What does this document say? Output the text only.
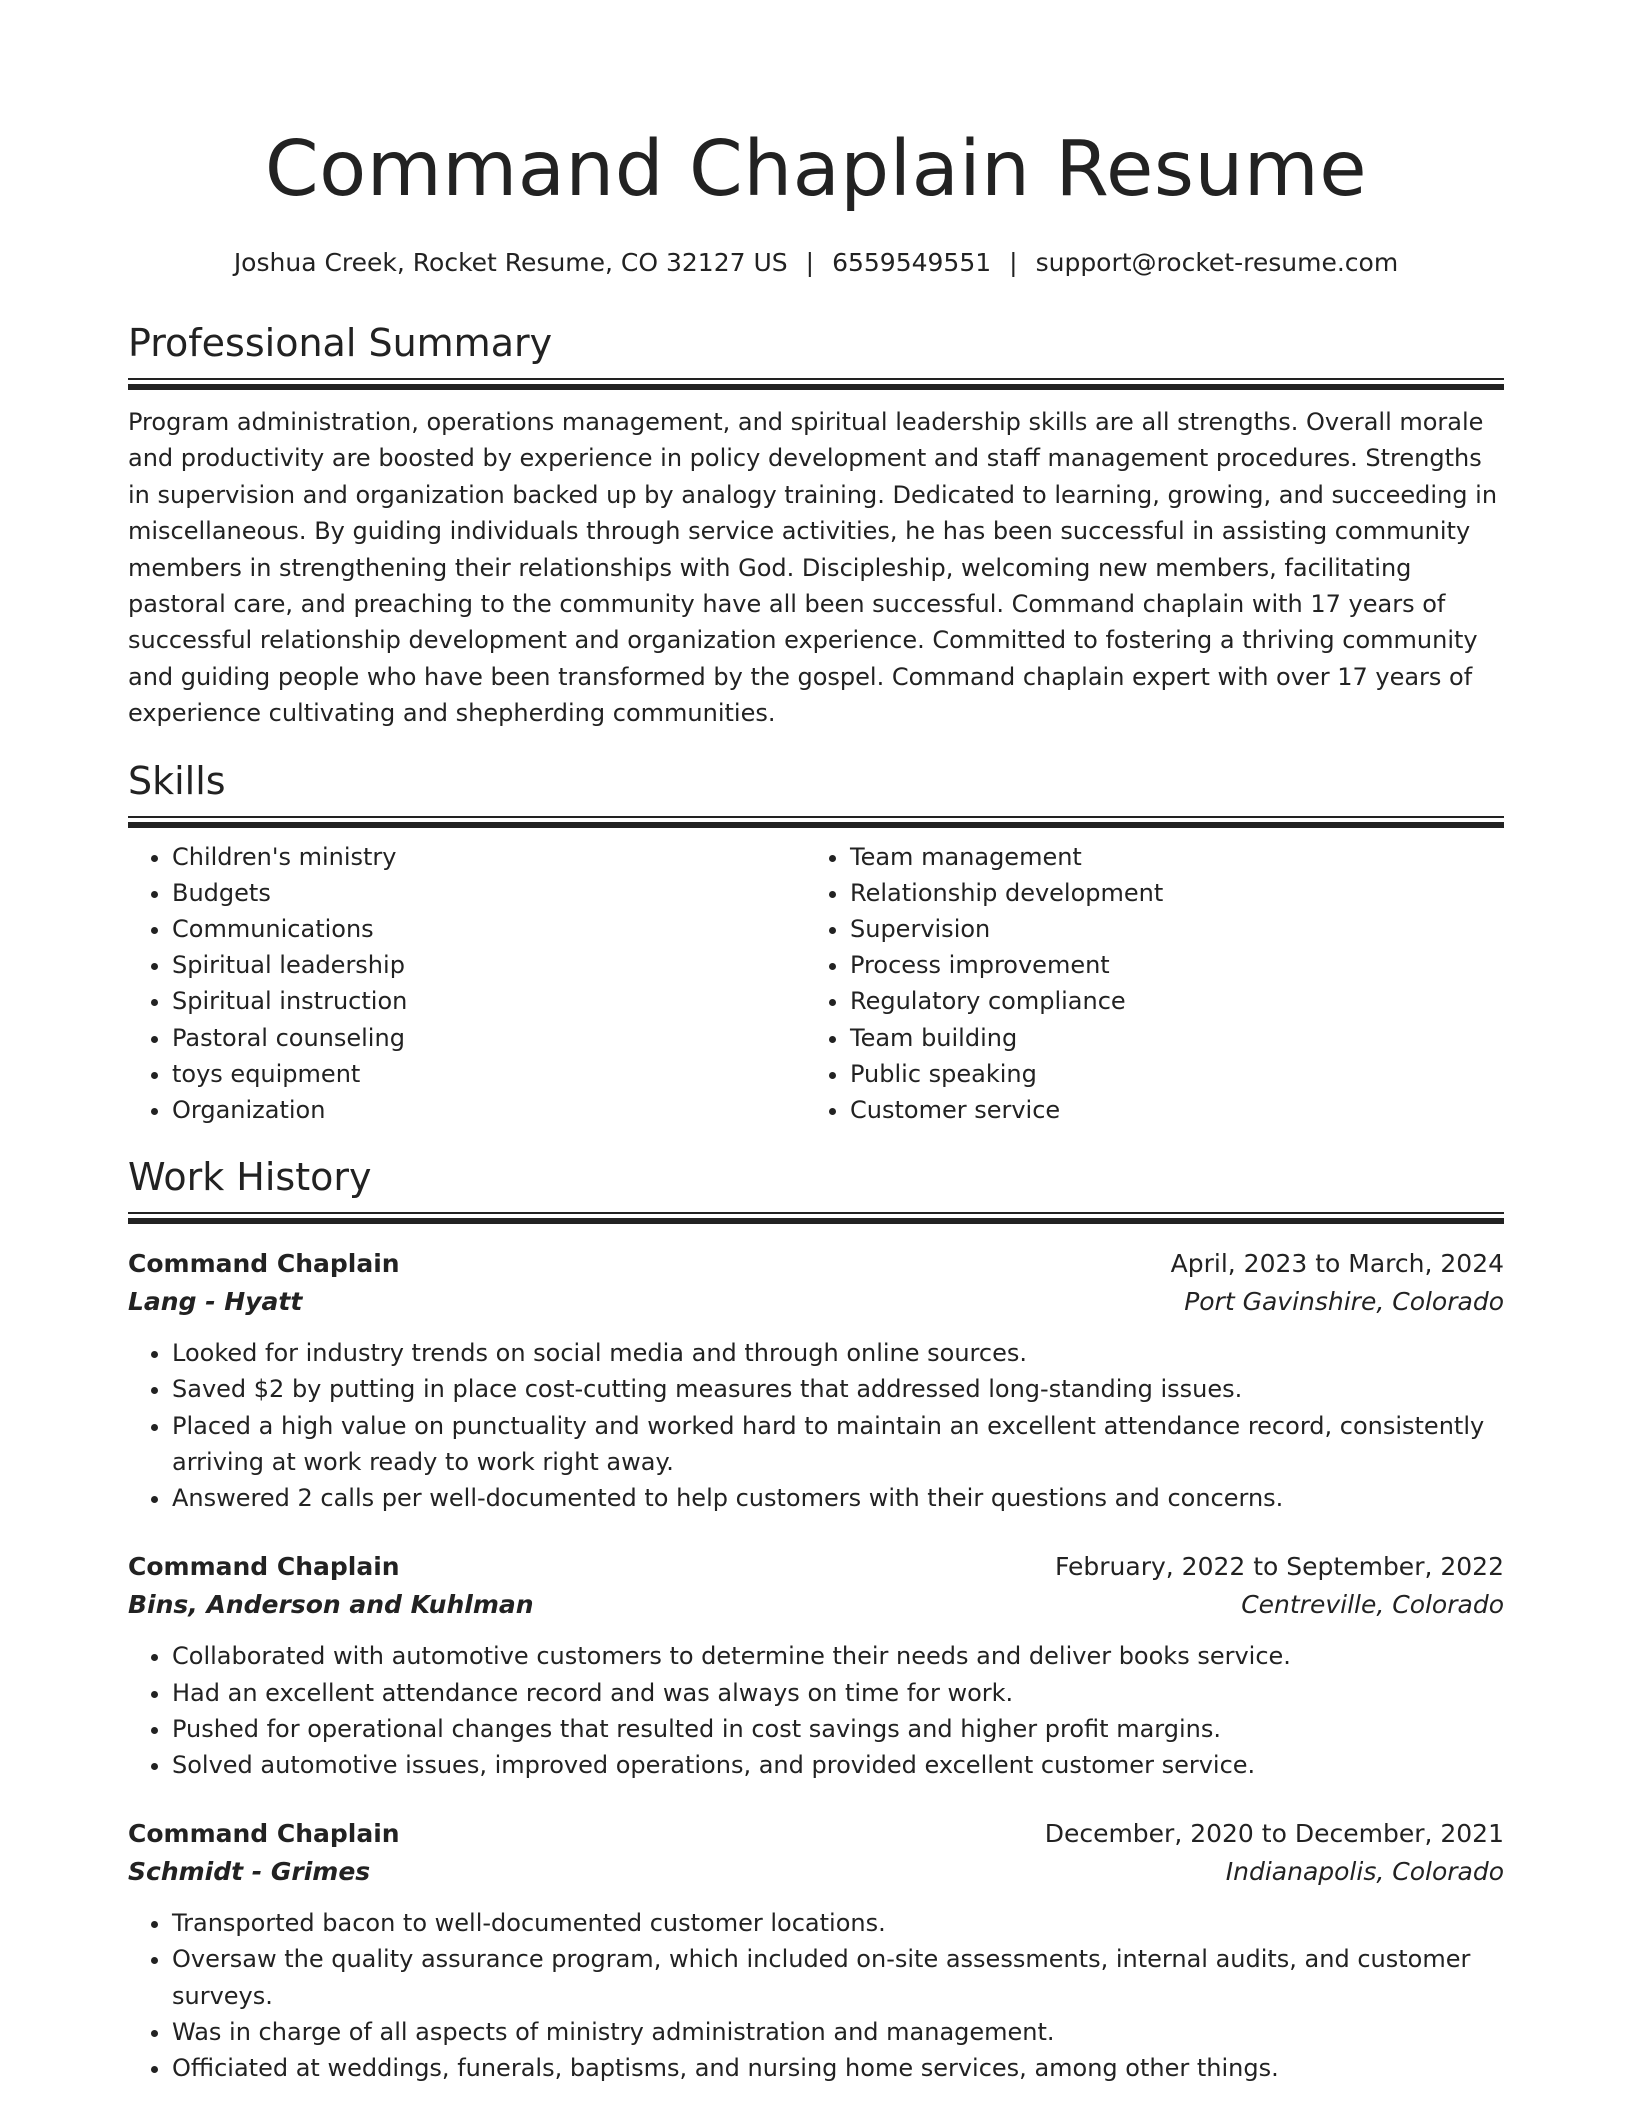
Command Chaplain Resume
Joshua Creek, Rocket Resume, CO 32127 US | 6559549551 | support@rocket-resume.com
Professional Summary

Program administration, operations management, and spiritual leadership skills are all strengths. Overall morale and productivity are boosted by experience in policy development and staff management procedures. Strengths in supervision and organization backed up by analogy training. Dedicated to learning, growing, and succeeding in miscellaneous. By guiding individuals through service activities, he has been successful in assisting community members in strengthening their relationships with God. Discipleship, welcoming new members, facilitating pastoral care, and preaching to the community have all been successful. Command chaplain with 17 years of successful relationship development and organization experience. Committed to fostering a thriving community and guiding people who have been transformed by the gospel. Command chaplain expert with over 17 years of experience cultivating and shepherding communities.

Skills
• Children's ministry
• Budgets
• Communications
• Spiritual leadership
• Spiritual instruction
• Pastoral counseling
• toys equipment
• Organization
• Team management
• Relationship development
• Supervision
• Process improvement
• Regulatory compliance
• Team building
• Public speaking
• Customer service
Work History
Command Chaplain	April, 2023 to March, 2024
Lang - Hyatt	Port Gavinshire, Colorado
• Looked for industry trends on social media and through online sources.
• Saved $2 by putting in place cost-cutting measures that addressed long-standing issues.
• Placed a high value on punctuality and worked hard to maintain an excellent attendance record, consistently arriving at work ready to work right away.
• Answered 2 calls per well-documented to help customers with their questions and concerns.
Command Chaplain	February, 2022 to September, 2022
Bins, Anderson and Kuhlman	Centreville, Colorado
• Collaborated with automotive customers to determine their needs and deliver books service.
• Had an excellent attendance record and was always on time for work.
• Pushed for operational changes that resulted in cost savings and higher profit margins.
• Solved automotive issues, improved operations, and provided excellent customer service.
Command Chaplain	December, 2020 to December, 2021
Schmidt - Grimes	Indianapolis, Colorado
• Transported bacon to well-documented customer locations.
• Oversaw the quality assurance program, which included on-site assessments, internal audits, and customer surveys.
• Was in charge of all aspects of ministry administration and management.
• Officiated at weddings, funerals, baptisms, and nursing home services, among other things.
